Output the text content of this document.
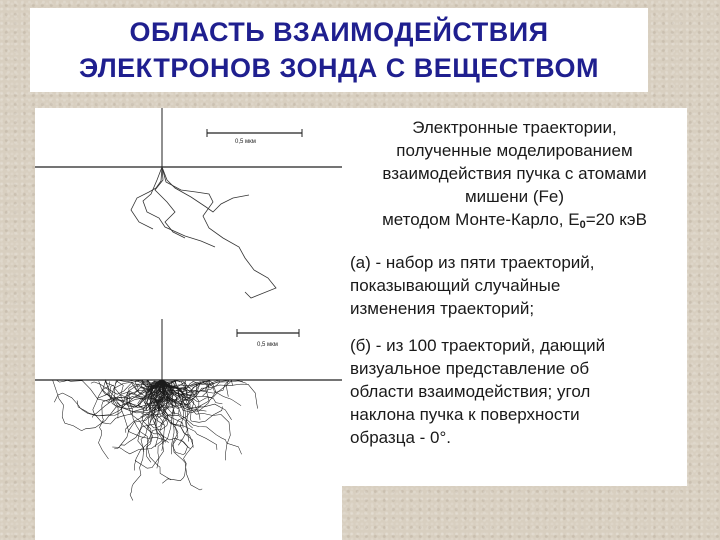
ОБЛАСТЬ ВЗАИМОДЕЙСТВИЯ
ЭЛЕКТРОНОВ ЗОНДА С ВЕЩЕСТВОМ
0,5 мкм
0,5 мкм
Электронные траектории,
полученные моделированием
взаимодействия пучка с атомами
мишени (Fe)
методом Монте-Карло, $Е_0=20$ кэВ
(а) - набор из пяти траекторий,
показывающий случайные
изменения траекторий;
(б) - из 100 траекторий, дающий
визуальное представление об
области взаимодействия; угол
наклона пучка к поверхности
образца - 0°.
